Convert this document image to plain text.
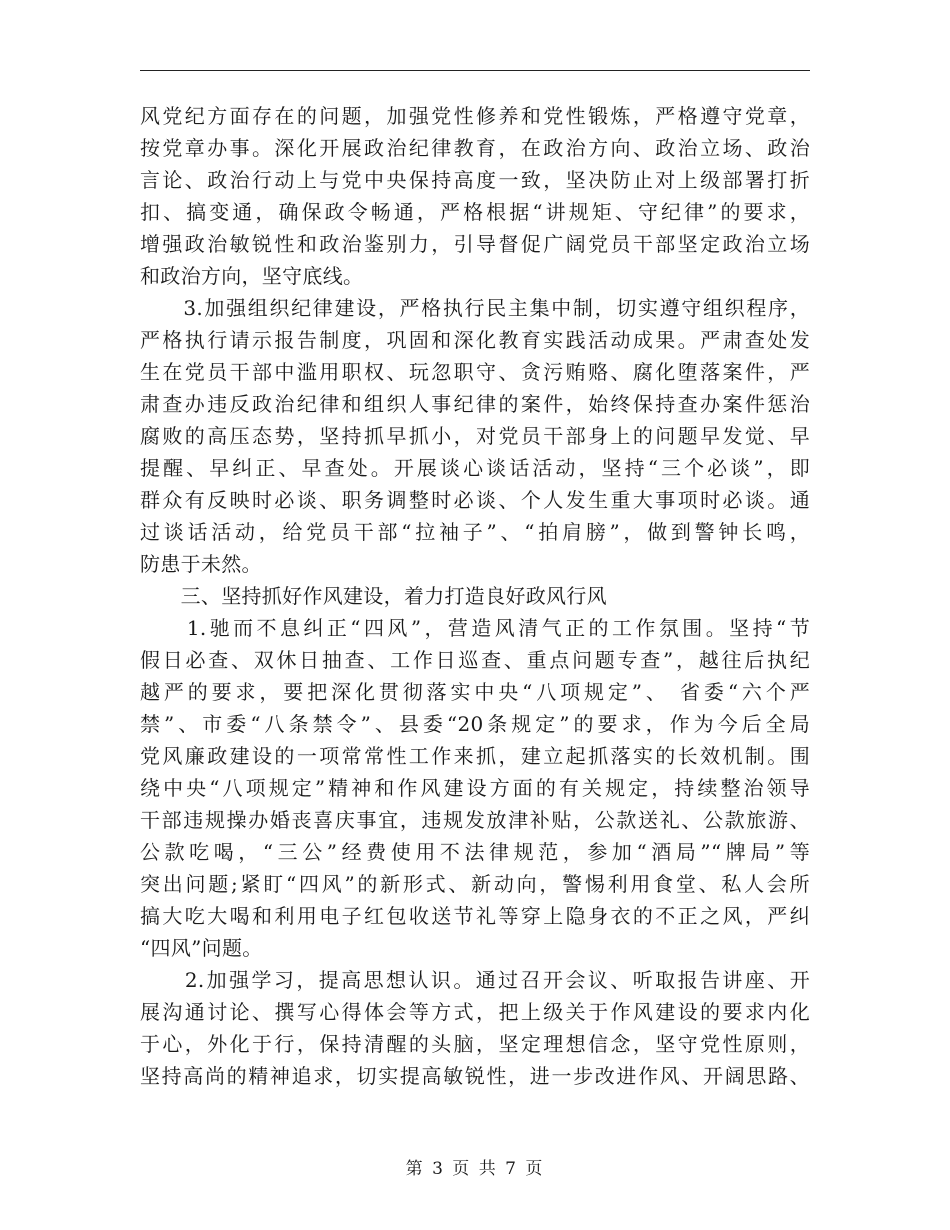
风党纪方面存在的问题，加强党性修养和党性锻炼，严格遵守党章，
按党章办事。深化开展政治纪律教育，在政治方向、政治立场、政治
言论、政治行动上与党中央保持高度一致，坚决防止对上级部署打折
扣、搞变通，确保政令畅通，严格根据“讲规矩、守纪律”的要求，
增强政治敏锐性和政治鉴别力，引导督促广阔党员干部坚定政治立场
和政治方向，坚守底线。
　　3.加强组织纪律建设，严格执行民主集中制，切实遵守组织程序，
严格执行请示报告制度，巩固和深化教育实践活动成果。严肃查处发
生在党员干部中滥用职权、玩忽职守、贪污贿赂、腐化堕落案件，严
肃查办违反政治纪律和组织人事纪律的案件，始终保持查办案件惩治
腐败的高压态势，坚持抓早抓小，对党员干部身上的问题早发觉、早
提醒、早纠正、早查处。开展谈心谈话活动，坚持“三个必谈”，即
群众有反映时必谈、职务调整时必谈、个人发生重大事项时必谈。通
过谈话活动，给党员干部“拉袖子”、“拍肩膀”，做到警钟长鸣，
防患于未然。
　　三、坚持抓好作风建设，着力打造良好政风行风
　　1.驰而不息纠正“四风”，营造风清气正的工作氛围。坚持“节
假日必查、双休日抽查、工作日巡查、重点问题专查”，越往后执纪
越严的要求，要把深化贯彻落实中央“八项规定”、 省委“六个严
禁”、市委“八条禁令”、县委“20条规定”的要求，作为今后全局
党风廉政建设的一项常常性工作来抓，建立起抓落实的长效机制。围
绕中央“八项规定”精神和作风建设方面的有关规定，持续整治领导
干部违规操办婚丧喜庆事宜，违规发放津补贴，公款送礼、公款旅游、
公款吃喝，“三公”经费使用不法律规范，参加“酒局”“牌局”等
突出问题;紧盯“四风”的新形式、新动向，警惕利用食堂、私人会所
搞大吃大喝和利用电子红包收送节礼等穿上隐身衣的不正之风，严纠
“四风”问题。
　　2.加强学习，提高思想认识。通过召开会议、听取报告讲座、开
展沟通讨论、撰写心得体会等方式，把上级关于作风建设的要求内化
于心，外化于行，保持清醒的头脑，坚定理想信念，坚守党性原则，
坚持高尚的精神追求，切实提高敏锐性，进一步改进作风、开阔思路、
第 3 页 共 7 页
